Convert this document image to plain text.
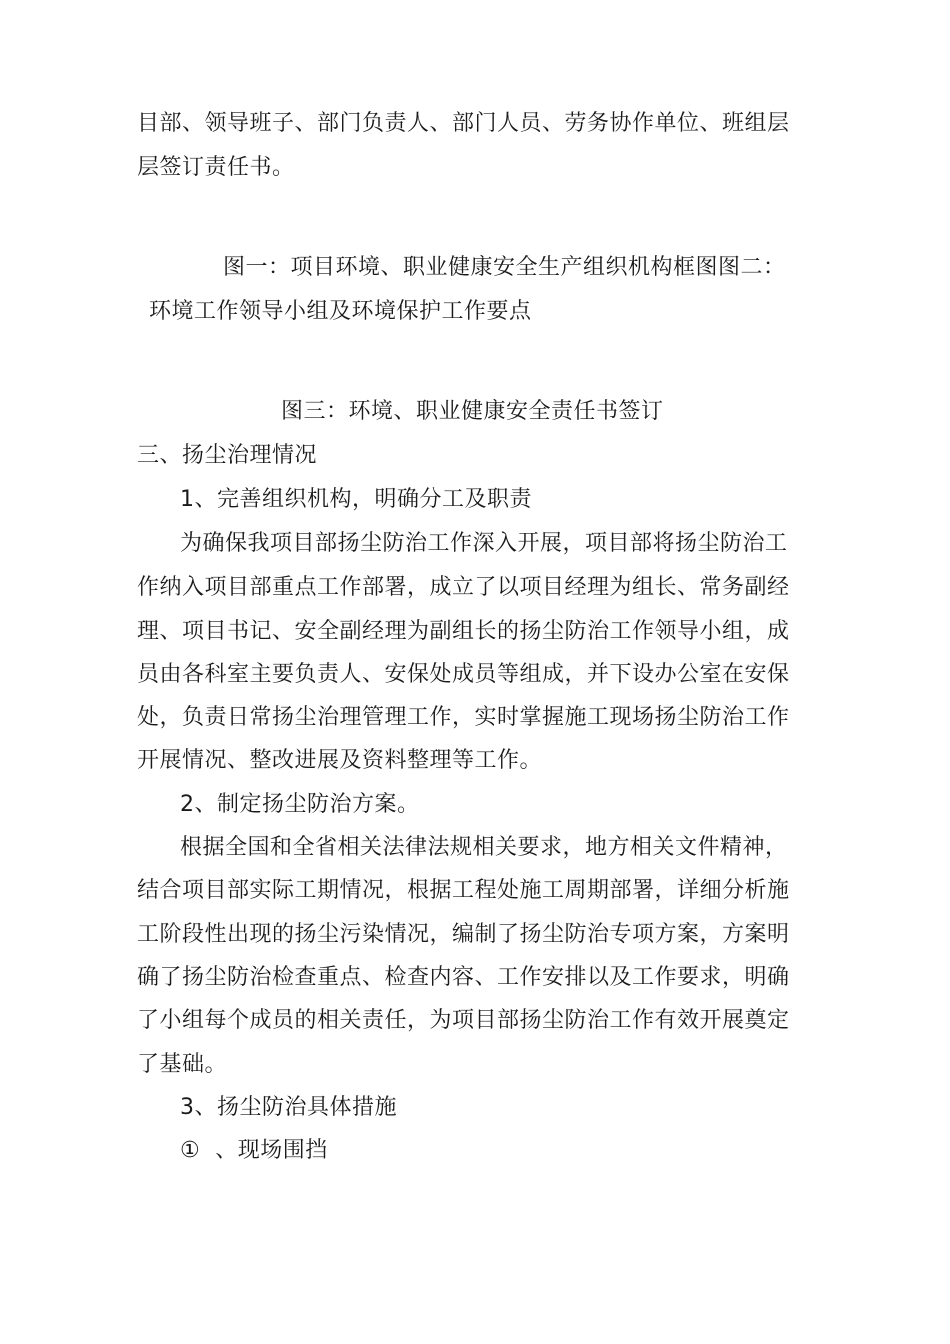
目部、领导班子、部门负责人、部门人员、劳务协作单位、班组层
层签订责任书。
图一：项目环境、职业健康安全生产组织机构框图图二：
环境工作领导小组及环境保护工作要点
图三：环境、职业健康安全责任书签订
三、扬尘治理情况
1、完善组织机构，明确分工及职责
为确保我项目部扬尘防治工作深入开展，项目部将扬尘防治工
作纳入项目部重点工作部署，成立了以项目经理为组长、常务副经
理、项目书记、安全副经理为副组长的扬尘防治工作领导小组，成
员由各科室主要负责人、安保处成员等组成，并下设办公室在安保
处，负责日常扬尘治理管理工作，实时掌握施工现场扬尘防治工作
开展情况、整改进展及资料整理等工作。
2、制定扬尘防治方案。
根据全国和全省相关法律法规相关要求，地方相关文件精神，
结合项目部实际工期情况，根据工程处施工周期部署，详细分析施
工阶段性出现的扬尘污染情况，编制了扬尘防治专项方案，方案明
确了扬尘防治检查重点、检查内容、工作安排以及工作要求，明确
了小组每个成员的相关责任，为项目部扬尘防治工作有效开展奠定
了基础。
3、扬尘防治具体措施
①  、现场围挡
